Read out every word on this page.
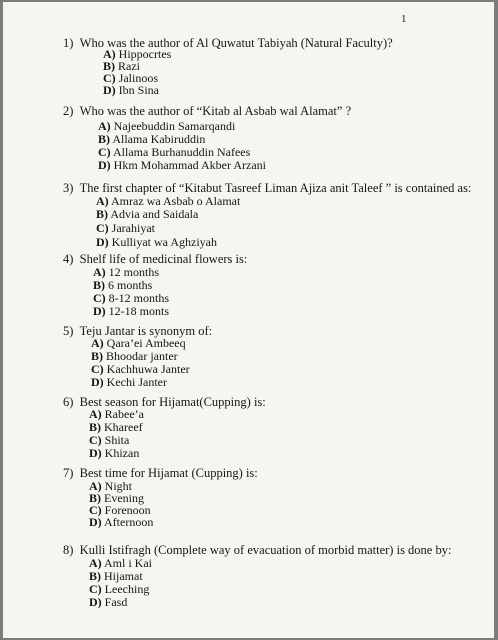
1
1) Who was the author of Al Quwatut Tabiyah (Natural Faculty)?
A) Hippocrtes
B) Razi
C) Jalinoos
D) Ibn Sina
2) Who was the author of “Kitab al Asbab wal Alamat” ?
A) Najeebuddin Samarqandi
B) Allama Kabiruddin
C) Allama Burhanuddin Nafees
D) Hkm Mohammad Akber Arzani
3) The first chapter of “Kitabut Tasreef Liman Ajiza anit Taleef ” is contained as:
A) Amraz wa Asbab o Alamat
B) Advia and Saidala
C) Jarahiyat
D) Kulliyat wa Aghziyah
4) Shelf life of medicinal flowers is:
A) 12 months
B) 6 months
C) 8-12 months
D) 12-18 monts
5) Teju Jantar is synonym of:
A) Qara’ei Ambeeq
B) Bhoodar janter
C) Kachhuwa Janter
D) Kechi Janter
6) Best season for Hijamat(Cupping) is:
A) Rabee’a
B) Khareef
C) Shita
D) Khizan
7) Best time for Hijamat (Cupping) is:
A) Night
B) Evening
C) Forenoon
D) Afternoon
8) Kulli Istifragh (Complete way of evacuation of morbid matter) is done by:
A) Aml i Kai
B) Hijamat
C) Leeching
D) Fasd
